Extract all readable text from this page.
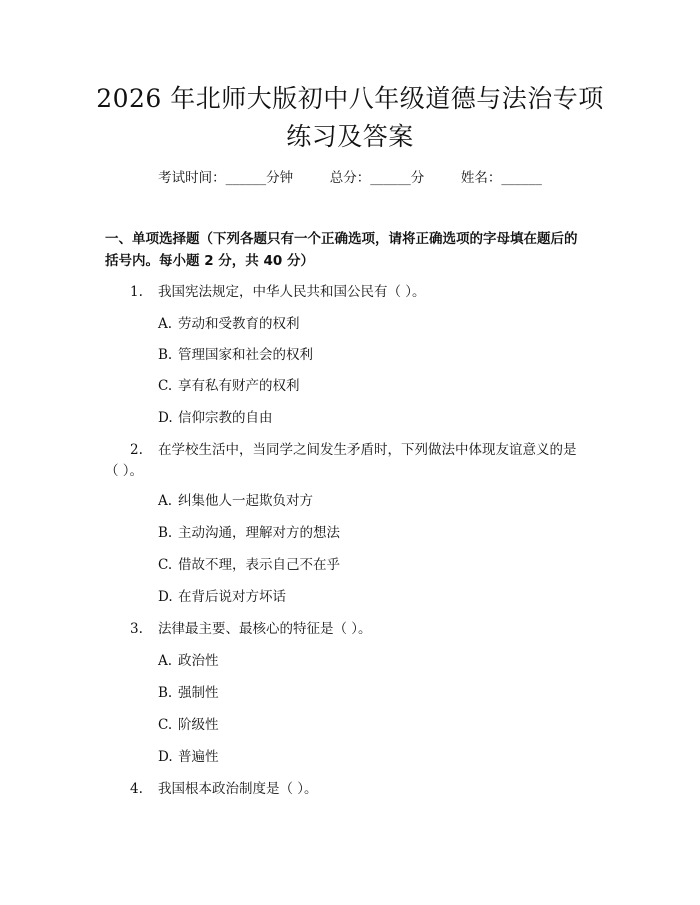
2026 年北师大版初中八年级道德与法治专项
练习及答案
考试时间：______分钟	总分：______分	姓名：______
一、单项选择题（下列各题只有一个正确选项，请将正确选项的字母填在题后的
括号内。每小题 2 分，共 40 分）
1. 我国宪法规定，中华人民共和国公民有（ ）。
A. 劳动和受教育的权利
B. 管理国家和社会的权利
C. 享有私有财产的权利
D. 信仰宗教的自由
2. 在学校生活中，当同学之间发生矛盾时，下列做法中体现友谊意义的是
（ ）。
A. 纠集他人一起欺负对方
B. 主动沟通，理解对方的想法
C. 借故不理，表示自己不在乎
D. 在背后说对方坏话
3. 法律最主要、最核心的特征是（ ）。
A. 政治性
B. 强制性
C. 阶级性
D. 普遍性
4. 我国根本政治制度是（ ）。
